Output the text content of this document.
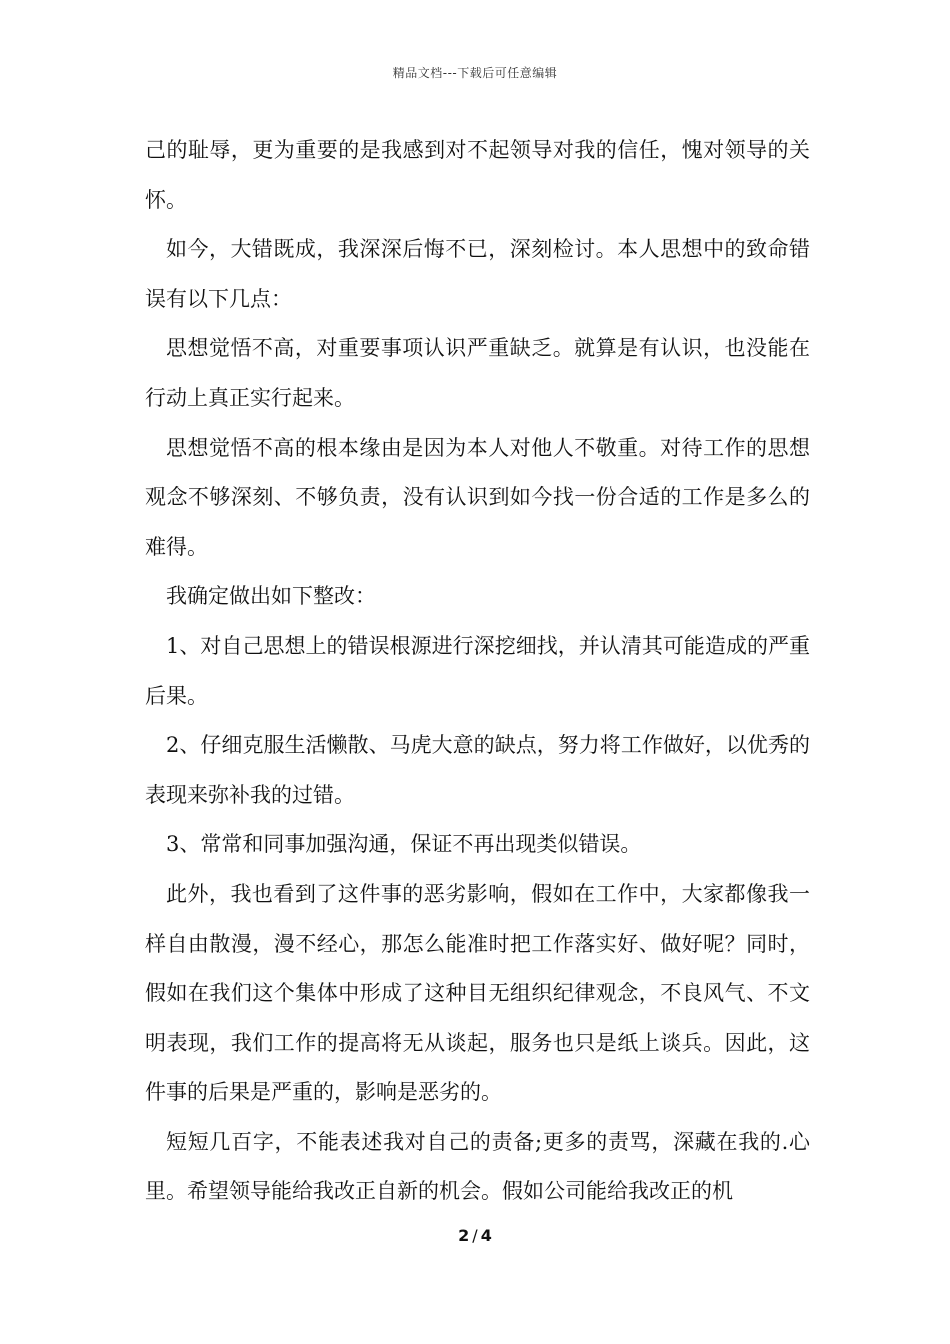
精品文档---下载后可任意编辑

己的耻辱，更为重要的是我感到对不起领导对我的信任，愧对领导的关怀。

如今，大错既成，我深深后悔不已，深刻检讨。本人思想中的致命错误有以下几点：

思想觉悟不高，对重要事项认识严重缺乏。就算是有认识，也没能在行动上真正实行起来。

思想觉悟不高的根本缘由是因为本人对他人不敬重。对待工作的思想观念不够深刻、不够负责，没有认识到如今找一份合适的工作是多么的难得。

我确定做出如下整改：

1、对自己思想上的错误根源进行深挖细找，并认清其可能造成的严重后果。

2、仔细克服生活懒散、马虎大意的缺点，努力将工作做好，以优秀的表现来弥补我的过错。

3、常常和同事加强沟通，保证不再出现类似错误。

此外，我也看到了这件事的恶劣影响，假如在工作中，大家都像我一样自由散漫，漫不经心，那怎么能准时把工作落实好、做好呢？同时，假如在我们这个集体中形成了这种目无组织纪律观念，不良风气、不文明表现，我们工作的提高将无从谈起，服务也只是纸上谈兵。因此，这件事的后果是严重的，影响是恶劣的。

短短几百字，不能表述我对自己的责备;更多的责骂，深藏在我的.心里。希望领导能给我改正自新的机会。假如公司能给我改正的机

2 / 4
